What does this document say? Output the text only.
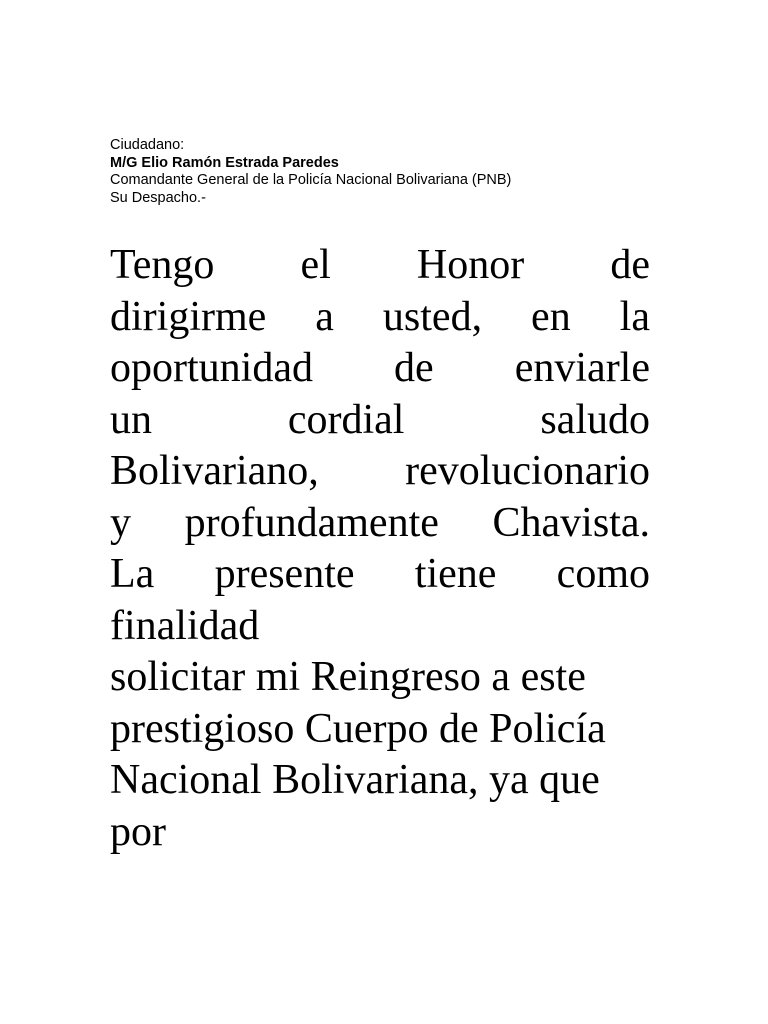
Ciudadano:
M/G Elio Ramón Estrada Paredes
Comandante General de la Policía Nacional Bolivariana (PNB)
Su Despacho.-
Tengo el Honor de
dirigirme a usted, en la
oportunidad de enviarle
un cordial saludo
Bolivariano, revolucionario
y profundamente Chavista.
La presente tiene como
finalidad
solicitar mi Reingreso a este
prestigioso Cuerpo de Policía
Nacional Bolivariana, ya que
por
